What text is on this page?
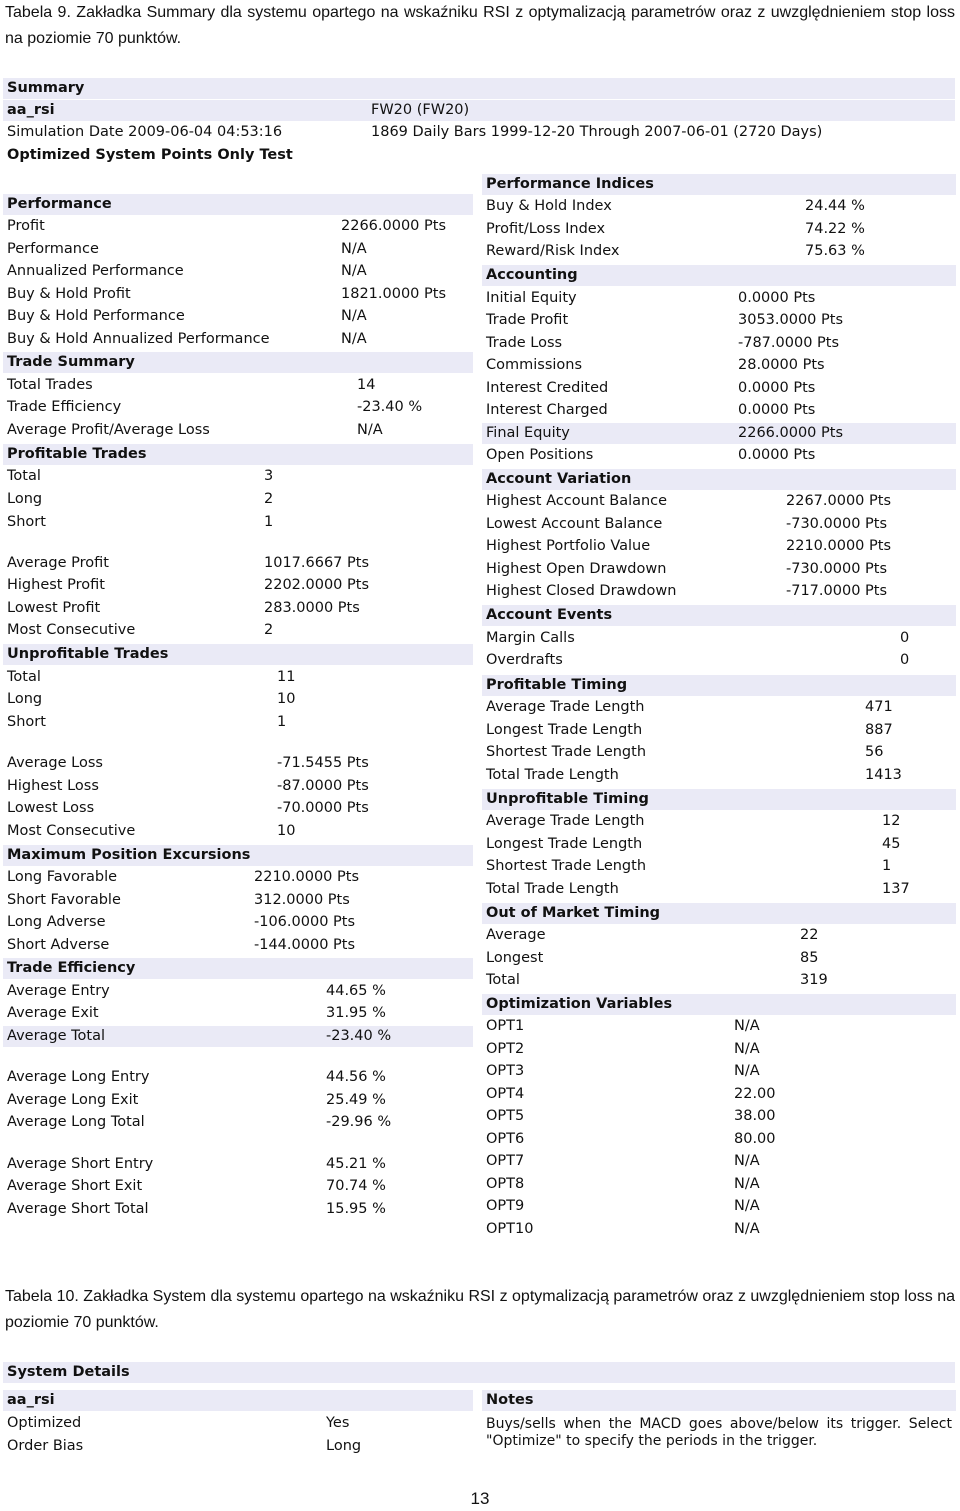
Tabela 9. Zakładka Summary dla systemu opartego na wskaźniku RSI z optymalizacją parametrów oraz z uwzględnieniem stop loss na poziomie 70 punktów.
Summary
aa_rsi	FW20 (FW20)
Simulation Date 2009-06-04 04:53:16	1869 Daily Bars 1999-12-20 Through 2007-06-01 (2720 Days)
Optimized System Points Only Test
Performance
Profit	2266.0000 Pts
Performance	N/A
Annualized Performance	N/A
Buy & Hold Profit	1821.0000 Pts
Buy & Hold Performance	N/A
Buy & Hold Annualized Performance	N/A
Trade Summary
Total Trades	14
Trade Efficiency	-23.40 %
Average Profit/Average Loss	N/A
Profitable Trades
Total	3
Long	2
Short	1
Average Profit	1017.6667 Pts
Highest Profit	2202.0000 Pts
Lowest Profit	283.0000 Pts
Most Consecutive	2
Unprofitable Trades
Total	11
Long	10
Short	1
Average Loss	-71.5455 Pts
Highest Loss	-87.0000 Pts
Lowest Loss	-70.0000 Pts
Most Consecutive	10
Maximum Position Excursions
Long Favorable	2210.0000 Pts
Short Favorable	312.0000 Pts
Long Adverse	-106.0000 Pts
Short Adverse	-144.0000 Pts
Trade Efficiency
Average Entry	44.65 %
Average Exit	31.95 %
Average Total	-23.40 %
Average Long Entry	44.56 %
Average Long Exit	25.49 %
Average Long Total	-29.96 %
Average Short Entry	45.21 %
Average Short Exit	70.74 %
Average Short Total	15.95 %
Performance Indices
Buy & Hold Index	24.44 %
Profit/Loss Index	74.22 %
Reward/Risk Index	75.63 %
Accounting
Initial Equity	0.0000 Pts
Trade Profit	3053.0000 Pts
Trade Loss	-787.0000 Pts
Commissions	28.0000 Pts
Interest Credited	0.0000 Pts
Interest Charged	0.0000 Pts
Final Equity	2266.0000 Pts
Open Positions	0.0000 Pts
Account Variation
Highest Account Balance	2267.0000 Pts
Lowest Account Balance	-730.0000 Pts
Highest Portfolio Value	2210.0000 Pts
Highest Open Drawdown	-730.0000 Pts
Highest Closed Drawdown	-717.0000 Pts
Account Events
Margin Calls	0
Overdrafts	0
Profitable Timing
Average Trade Length	471
Longest Trade Length	887
Shortest Trade Length	56
Total Trade Length	1413
Unprofitable Timing
Average Trade Length	12
Longest Trade Length	45
Shortest Trade Length	1
Total Trade Length	137
Out of Market Timing
Average	22
Longest	85
Total	319
Optimization Variables
OPT1	N/A
OPT2	N/A
OPT3	N/A
OPT4	22.00
OPT5	38.00
OPT6	80.00
OPT7	N/A
OPT8	N/A
OPT9	N/A
OPT10	N/A
Tabela 10. Zakładka System dla systemu opartego na wskaźniku RSI z optymalizacją parametrów oraz z uwzględnieniem stop loss na poziomie 70 punktów.
System Details
aa_rsi	Notes
Optimized	Yes
Order Bias	Long
Buys/sells when the MACD goes above/below its trigger. Select "Optimize" to specify the periods in the trigger.
13
